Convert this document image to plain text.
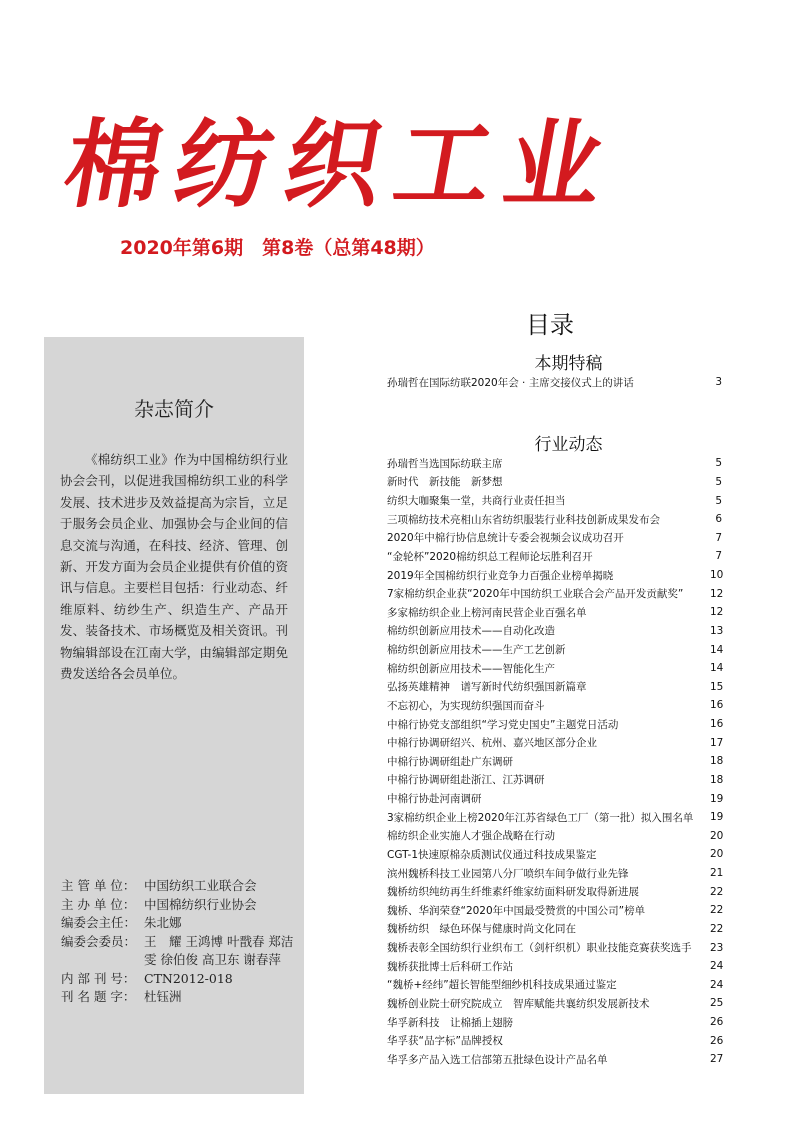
棉纺织工业
2020年第6期　第8卷（总第48期）
杂志简介
《棉纺织工业》作为中国棉纺织行业协会会刊，以促进我国棉纺织工业的科学发展、技术进步及效益提高为宗旨，立足于服务会员企业、加强协会与企业间的信息交流与沟通，在科技、经济、管理、创新、开发方面为会员企业提供有价值的资讯与信息。主要栏目包括：行业动态、纤维原料、纺纱生产、织造生产、产品开发、装备技术、市场概览及相关资讯。刊物编辑部设在江南大学，由编辑部定期免费发送给各会员单位。
主 管 单 位： 中国纺织工业联合会
主 办 单 位： 中国棉纺织行业协会
编委会主任： 朱北娜
编委会委员： 王　耀 王鸿博 叶戬春 郑洁雯 徐伯俊 高卫东 谢春萍
内 部 刊 号： CTN2012-018
刊 名 题 字： 杜钰洲
目录
本期特稿
孙瑞哲在国际纺联2020年会 · 主席交接仪式上的讲话	3
行业动态
孙瑞哲当选国际纺联主席	5
新时代　新技能　新梦想	5
纺织大咖聚集一堂，共商行业责任担当	5
三项棉纺技术亮相山东省纺织服装行业科技创新成果发布会	6
2020年中棉行协信息统计专委会视频会议成功召开	7
“金轮杯”2020棉纺织总工程师论坛胜利召开	7
2019年全国棉纺织行业竞争力百强企业榜单揭晓	10
7家棉纺织企业获“2020年中国纺织工业联合会产品开发贡献奖”	12
多家棉纺织企业上榜河南民营企业百强名单	12
棉纺织创新应用技术——自动化改造	13
棉纺织创新应用技术——生产工艺创新	14
棉纺织创新应用技术——智能化生产	14
弘扬英雄精神　谱写新时代纺织强国新篇章	15
不忘初心，为实现纺织强国而奋斗	16
中棉行协党支部组织“学习党史国史”主题党日活动	16
中棉行协调研绍兴、杭州、嘉兴地区部分企业	17
中棉行协调研组赴广东调研	18
中棉行协调研组赴浙江、江苏调研	18
中棉行协赴河南调研	19
3家棉纺织企业上榜2020年江苏省绿色工厂（第一批）拟入围名单	19
棉纺织企业实施人才强企战略在行动	20
CGT-1快速原棉杂质测试仪通过科技成果鉴定	20
滨州魏桥科技工业园第八分厂喷织车间争做行业先锋	21
魏桥纺织纯纺再生纤维素纤维家纺面料研发取得新进展	22
魏桥、华润荣登“2020年中国最受赞赏的中国公司”榜单	22
魏桥纺织　绿色环保与健康时尚文化同在	22
魏桥表彰全国纺织行业织布工（剑杆织机）职业技能竞赛获奖选手	23
魏桥获批博士后科研工作站	24
“魏桥+经纬”超长智能型细纱机科技成果通过鉴定	24
魏桥创业院士研究院成立　智库赋能共襄纺织发展新技术	25
华孚新科技　让棉插上翅膀	26
华孚获“品字标”品牌授权	26
华孚多产品入选工信部第五批绿色设计产品名单	27
